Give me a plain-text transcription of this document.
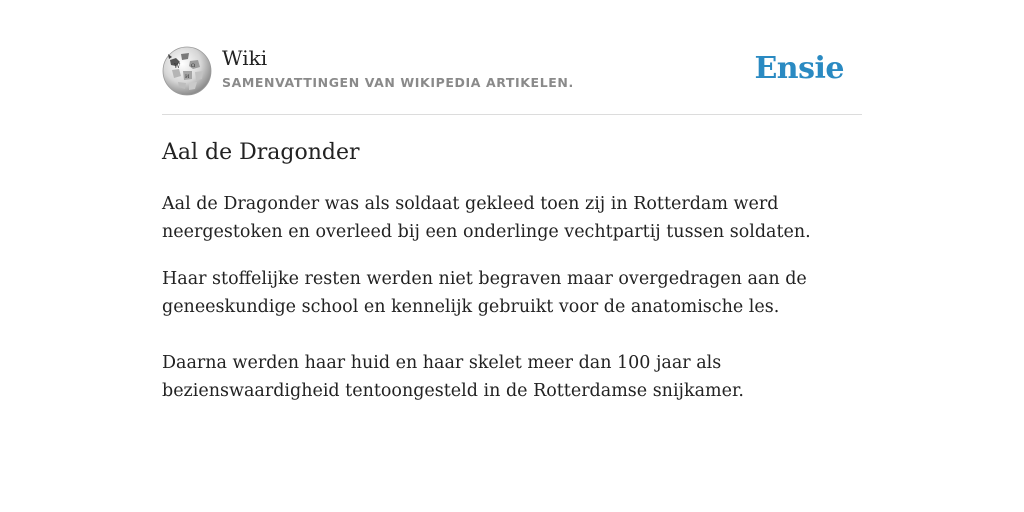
W Ω
И
Wiki
SAMENVATTINGEN VAN WIKIPEDIA ARTIKELEN.	Ensie
Aal de Dragonder

Aal de Dragonder was als soldaat gekleed toen zij in Rotterdam werd
neergestoken en overleed bij een onderlinge vechtpartij tussen soldaten.

Haar stoffelijke resten werden niet begraven maar overgedragen aan de
geneeskundige school en kennelijk gebruikt voor de anatomische les.

Daarna werden haar huid en haar skelet meer dan 100 jaar als
bezienswaardigheid tentoongesteld in de Rotterdamse snijkamer.
